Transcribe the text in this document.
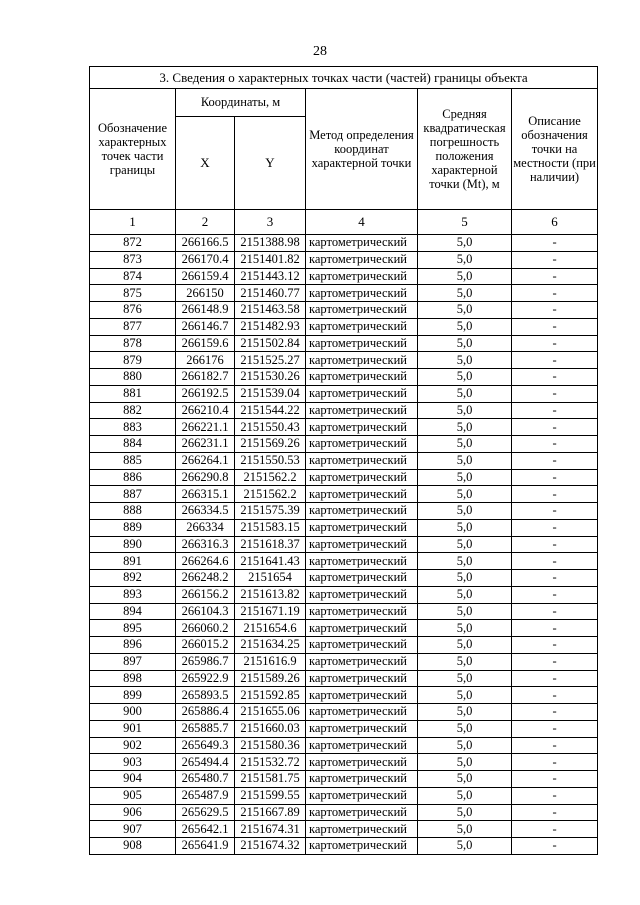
28
3. Сведения о характерных точках части (частей) границы объекта					
Обозначение характерных точек части границы	Координаты, м		Метод определения координат характерной точки	Средняя квадратическая погрешность положения характерной точки (Mt), м	Описание обозначения точки на местности (при наличии)
	X	Y			
1	2	3	4	5	6
872	266166.5	2151388.98	картометрический	5,0	-
873	266170.4	2151401.82	картометрический	5,0	-
874	266159.4	2151443.12	картометрический	5,0	-
875	266150	2151460.77	картометрический	5,0	-
876	266148.9	2151463.58	картометрический	5,0	-
877	266146.7	2151482.93	картометрический	5,0	-
878	266159.6	2151502.84	картометрический	5,0	-
879	266176	2151525.27	картометрический	5,0	-
880	266182.7	2151530.26	картометрический	5,0	-
881	266192.5	2151539.04	картометрический	5,0	-
882	266210.4	2151544.22	картометрический	5,0	-
883	266221.1	2151550.43	картометрический	5,0	-
884	266231.1	2151569.26	картометрический	5,0	-
885	266264.1	2151550.53	картометрический	5,0	-
886	266290.8	2151562.2	картометрический	5,0	-
887	266315.1	2151562.2	картометрический	5,0	-
888	266334.5	2151575.39	картометрический	5,0	-
889	266334	2151583.15	картометрический	5,0	-
890	266316.3	2151618.37	картометрический	5,0	-
891	266264.6	2151641.43	картометрический	5,0	-
892	266248.2	2151654	картометрический	5,0	-
893	266156.2	2151613.82	картометрический	5,0	-
894	266104.3	2151671.19	картометрический	5,0	-
895	266060.2	2151654.6	картометрический	5,0	-
896	266015.2	2151634.25	картометрический	5,0	-
897	265986.7	2151616.9	картометрический	5,0	-
898	265922.9	2151589.26	картометрический	5,0	-
899	265893.5	2151592.85	картометрический	5,0	-
900	265886.4	2151655.06	картометрический	5,0	-
901	265885.7	2151660.03	картометрический	5,0	-
902	265649.3	2151580.36	картометрический	5,0	-
903	265494.4	2151532.72	картометрический	5,0	-
904	265480.7	2151581.75	картометрический	5,0	-
905	265487.9	2151599.55	картометрический	5,0	-
906	265629.5	2151667.89	картометрический	5,0	-
907	265642.1	2151674.31	картометрический	5,0	-
908	265641.9	2151674.32	картометрический	5,0	-
